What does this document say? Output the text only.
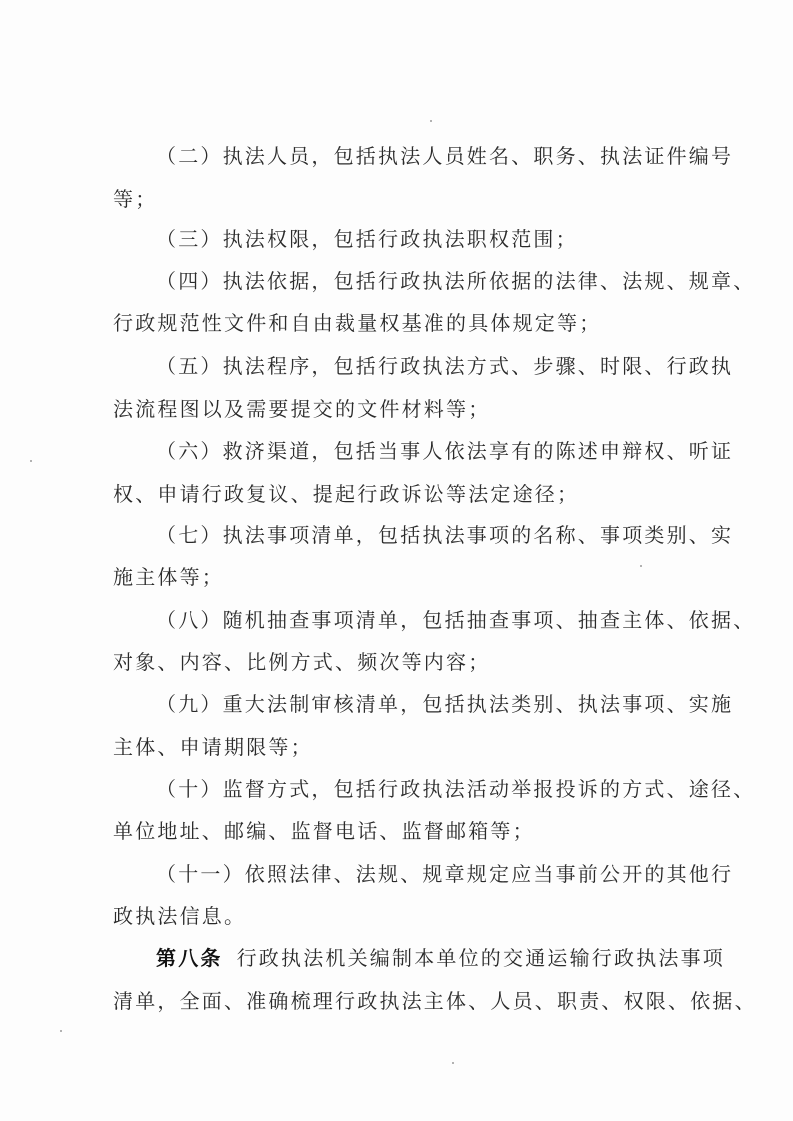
（二）执法人员，包括执法人员姓名、职务、执法证件编号
等；
（三）执法权限，包括行政执法职权范围；
（四）执法依据，包括行政执法所依据的法律、法规、规章、
行政规范性文件和自由裁量权基准的具体规定等；
（五）执法程序，包括行政执法方式、步骤、时限、行政执
法流程图以及需要提交的文件材料等；
（六）救济渠道，包括当事人依法享有的陈述申辩权、听证
权、申请行政复议、提起行政诉讼等法定途径；
（七）执法事项清单，包括执法事项的名称、事项类别、实
施主体等；
（八）随机抽查事项清单，包括抽查事项、抽查主体、依据、
对象、内容、比例方式、频次等内容；
（九）重大法制审核清单，包括执法类别、执法事项、实施
主体、申请期限等；
（十）监督方式，包括行政执法活动举报投诉的方式、途径、
单位地址、邮编、监督电话、监督邮箱等；
（十一）依照法律、法规、规章规定应当事前公开的其他行
政执法信息。
第八条 行政执法机关编制本单位的交通运输行政执法事项
清单，全面、准确梳理行政执法主体、人员、职责、权限、依据、
